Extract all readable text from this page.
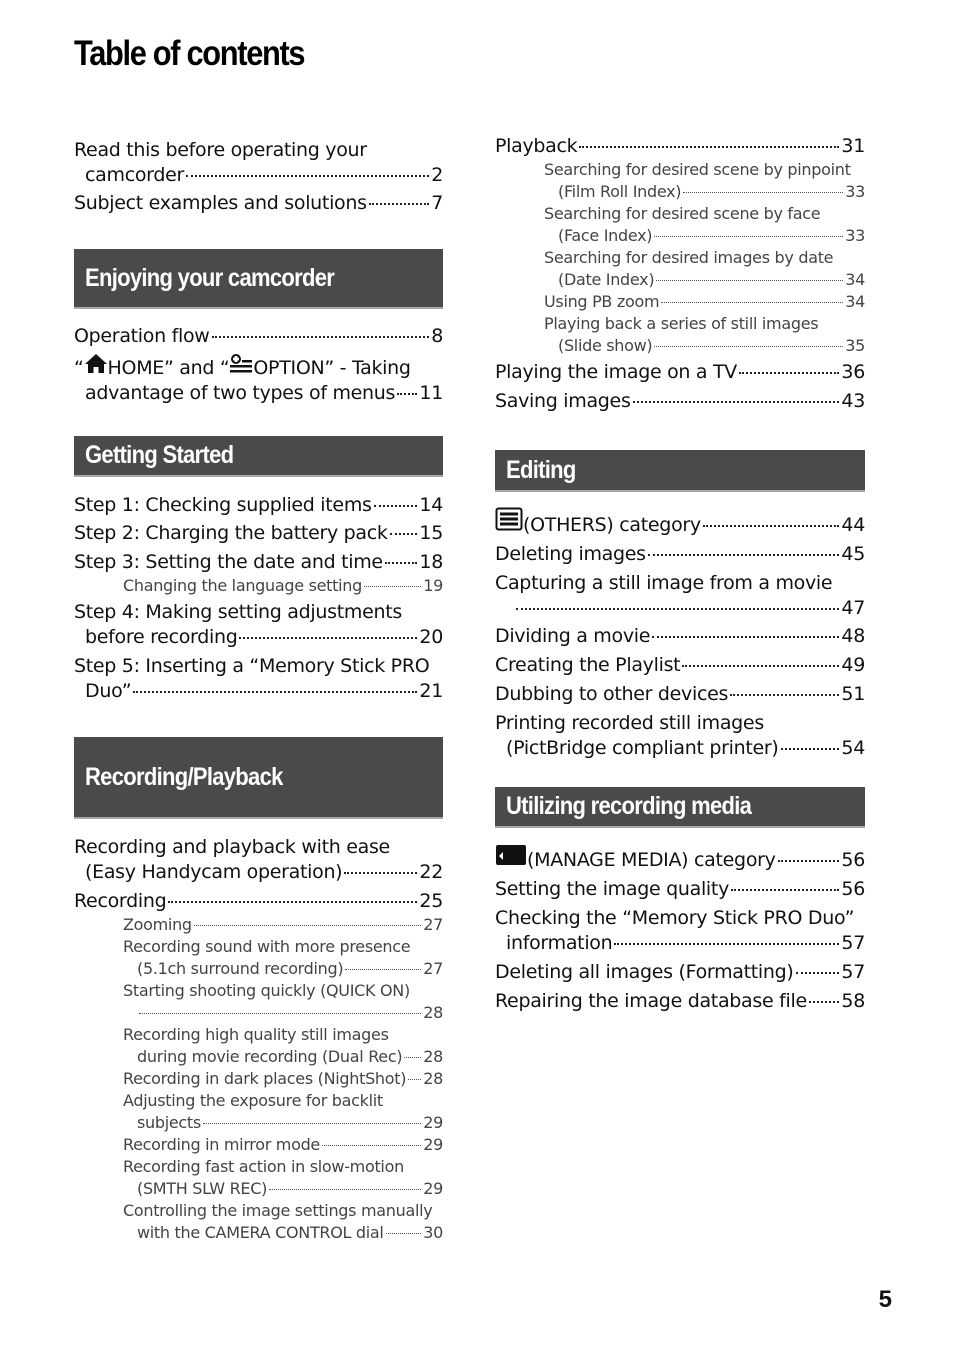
Table of contents
Read this before operating your
camcorder	2
Subject examples and solutions	7
Enjoying your camcorder
Operation flow	8
“ HOME” and “ OPTION” - Taking
advantage of two types of menus 11
Getting Started
Step 1: Checking supplied items	14
Step 2: Charging the battery pack 15
Step 3: Setting the date and time 18
Changing the language setting	19
Step 4: Making setting adjustments
before recording	20
Step 5: Inserting a “Memory Stick PRO
Duo”	21
Recording/Playback
Recording and playback with ease
(Easy Handycam operation)	22
Recording	25
Zooming	27
Recording sound with more presence
(5.1ch surround recording)	27
Starting shooting quickly (QUICK ON)
28
Recording high quality still images
during movie recording (Dual Rec) 28
Recording in dark places (NightShot) 28
Adjusting the exposure for backlit
subjects	29
Recording in mirror mode	29
Recording fast action in slow-motion
(SMTH SLW REC)	29
Controlling the image settings manually
with the CAMERA CONTROL dial 30
Playback	31
Searching for desired scene by pinpoint
(Film Roll Index)	33
Searching for desired scene by face
(Face Index)	33
Searching for desired images by date
(Date Index)	34
Using PB zoom	34
Playing back a series of still images
(Slide show)	35
Playing the image on a TV	36
Saving images	43
Editing
(OTHERS) category	44
Deleting images	45
Capturing a still image from a movie
47
Dividing a movie	48
Creating the Playlist	49
Dubbing to other devices	51
Printing recorded still images
(PictBridge compliant printer)	54
Utilizing recording media
(MANAGE MEDIA) category	56
Setting the image quality	56
Checking the “Memory Stick PRO Duo”
information	57
Deleting all images (Formatting)	57
Repairing the image database file 58
5
